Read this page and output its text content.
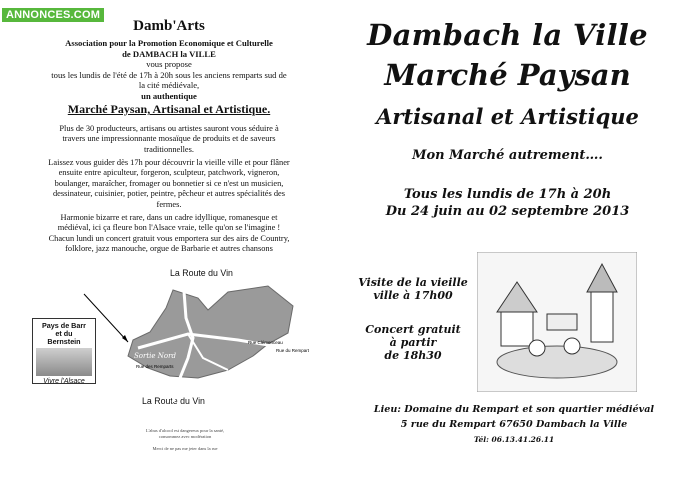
ANNONCES.COM
Damb'Arts
Association pour la Promotion Economique et Culturelle
de DAMBACH la VILLE
vous propose
tous les lundis de l'été de 17h à 20h sous les anciens remparts sud de
la cité médiévale,
un authentique
Marché Paysan, Artisanal et Artistique.
Plus de 30 producteurs, artisans ou artistes sauront vous séduire à
travers une impressionnante mosaïque de produits et de saveurs
traditionnelles.
Laissez vous guider dès 17h pour découvrir la vieille ville et pour flâner
ensuite entre apiculteur, forgeron, sculpteur, patchwork, vigneron,
boulanger, maraîcher, fromager ou bonnetier si ce n'est un musicien,
dessinateur, cuisinier, potier, peintre, pêcheur et autres spécialités des
fermes.
Harmonie bizarre et rare, dans un cadre idyllique, romanesque et
médiéval, ici ça fleure bon l'Alsace vraie, telle qu'on se l'imagine !
Chacun lundi un concert gratuit vous emportera sur des airs de Country,
folklore, jazz manouche, orgue de Barbarie et autres chansons
La Route du Vin
La Route du Vin
Rue Clémenceau
Rue du Rempart
Rue des Remparts
Sortie Nord
Pays de Barr
et du
Bernstein
Vivre l'Alsace
L'abus d'alcool est dangereux pour la santé,
consommez avec modération
Merci de ne pas me jeter dans la rue
Dambach la Ville
Marché Paysan
Artisanal et Artistique
Mon Marché autrement….
Tous les lundis de 17h à 20h
Du 24 juin au 02 septembre 2013
Visite de la vieille
ville à 17h00
Concert gratuit
à partir
de 18h30
Lieu: Domaine du Rempart et son quartier médiéval
5 rue du Rempart 67650 Dambach la Ville
Tél: 06.13.41.26.11
